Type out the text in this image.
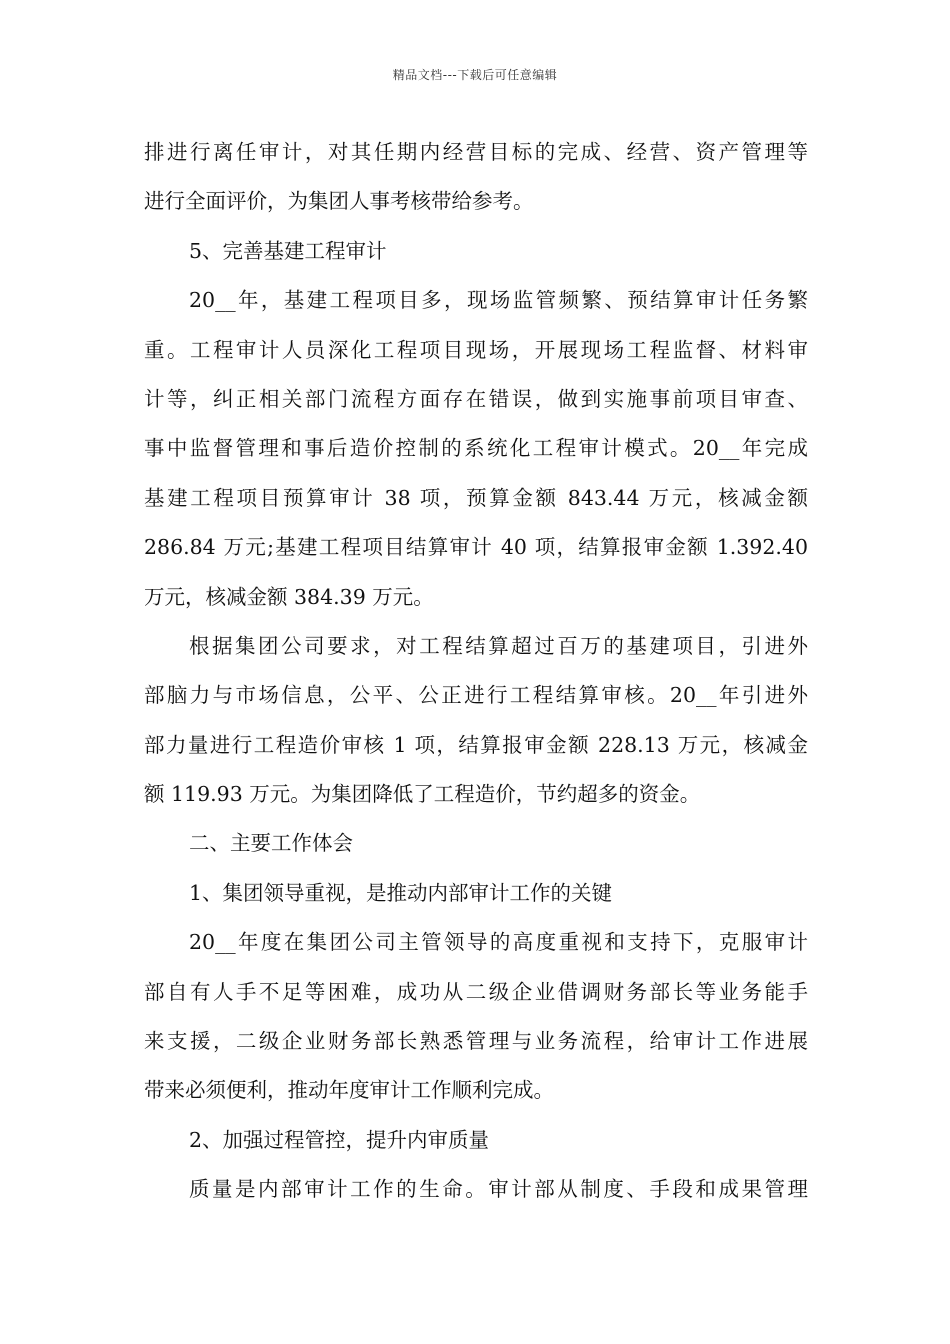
精品文档---下载后可任意编辑
排进行离任审计，对其任期内经营目标的完成、经营、资产管理等
进行全面评价，为集团人事考核带给参考。
5、完善基建工程审计
20__年，基建工程项目多，现场监管频繁、预结算审计任务繁
重。工程审计人员深化工程项目现场，开展现场工程监督、材料审
计等，纠正相关部门流程方面存在错误，做到实施事前项目审查、
事中监督管理和事后造价控制的系统化工程审计模式。20__年完成
基建工程项目预算审计 38 项，预算金额 843.44 万元，核减金额
286.84 万元;基建工程项目结算审计 40 项，结算报审金额 1.392.40
万元，核减金额 384.39 万元。
根据集团公司要求，对工程结算超过百万的基建项目，引进外
部脑力与市场信息，公平、公正进行工程结算审核。20__年引进外
部力量进行工程造价审核 1 项，结算报审金额 228.13 万元，核减金
额 119.93 万元。为集团降低了工程造价，节约超多的资金。
二、主要工作体会
1、集团领导重视，是推动内部审计工作的关键
20__年度在集团公司主管领导的高度重视和支持下，克服审计
部自有人手不足等困难，成功从二级企业借调财务部长等业务能手
来支援，二级企业财务部长熟悉管理与业务流程，给审计工作进展
带来必须便利，推动年度审计工作顺利完成。
2、加强过程管控，提升内审质量
质量是内部审计工作的生命。审计部从制度、手段和成果管理
